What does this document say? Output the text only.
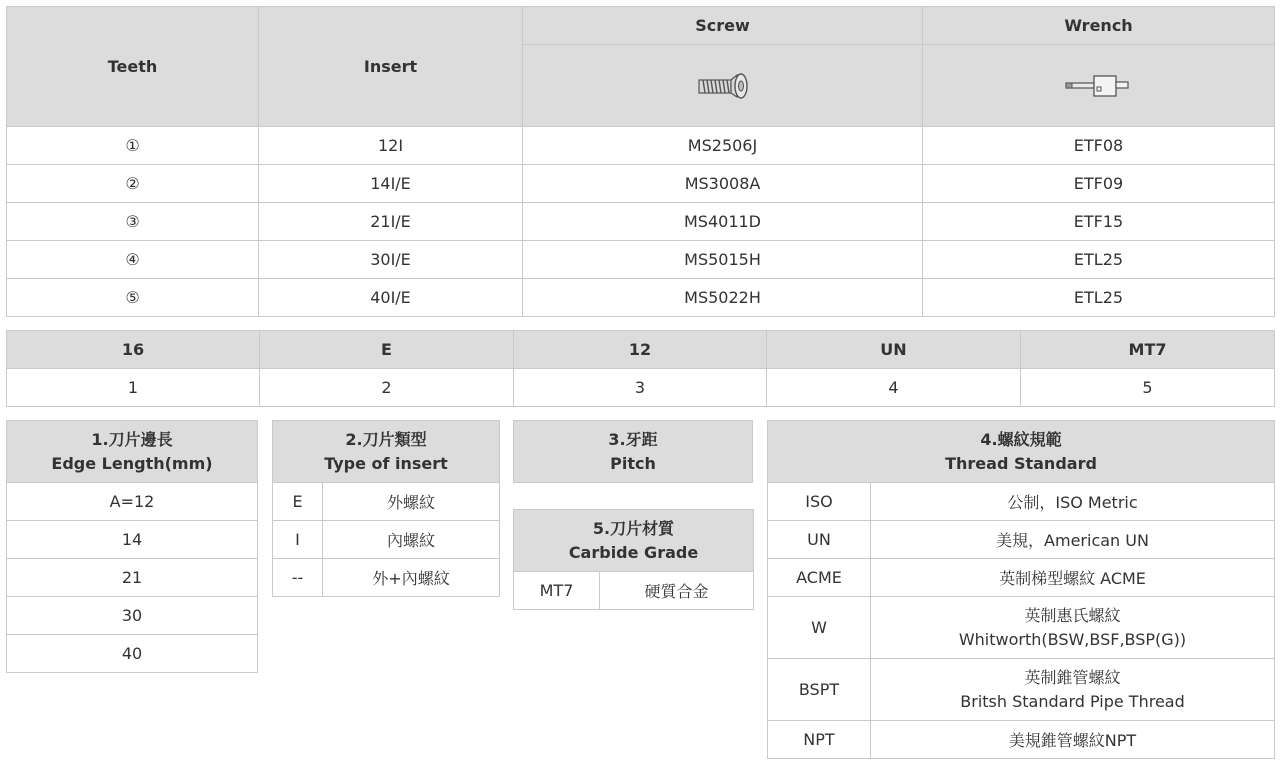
Teeth	Insert	Screw	Wrench

①	12I	MS2506J	ETF08
②	14I/E	MS3008A	ETF09
③	21I/E	MS4011D	ETF15
④	30I/E	MS5015H	ETL25
⑤	40I/E	MS5022H	ETL25
16	E	12	UN	MT7
1	2	3	4	5
1.刀片邊長
Edge Length(mm)

A=12
14
21
30
40
2.刀片類型
Type of insert	

E	外螺紋
I	內螺紋
--	外+內螺紋
3.牙距
Pitch
5.刀片材質
Carbide Grade

MT7	硬質合金
4.螺紋規範
Thread Standard	

ISO	公制，ISO Metric
UN	美規，American UN
ACME	英制梯型螺紋 ACME
W	英制惠氏螺紋
Whitworth(BSW,BSF,BSP(G))

BSPT	英制錐管螺紋
Britsh Standard Pipe Thread

NPT	美規錐管螺紋NPT
